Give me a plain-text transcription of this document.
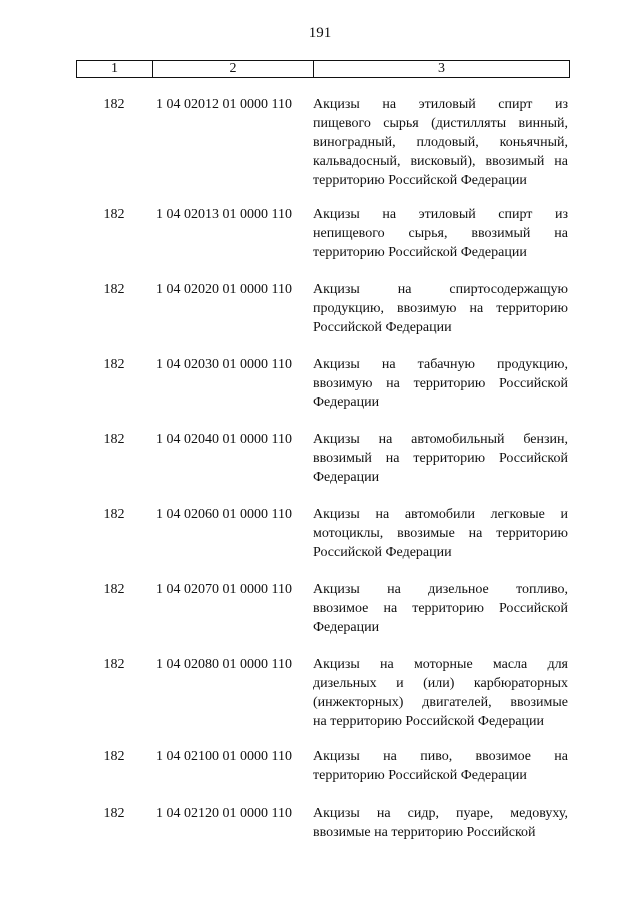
191
1	2	3
182	1 04 02012 01 0000 110	Акцизы на этиловый спирт из
пищевого сырья (дистилляты винный,
виноградный, плодовый, коньячный,
кальвадосный, висковый), ввозимый на
территорию Российской Федерации
182	1 04 02013 01 0000 110	Акцизы на этиловый спирт из
непищевого сырья, ввозимый на
территорию Российской Федерации
182	1 04 02020 01 0000 110	Акцизы на спиртосодержащую
продукцию, ввозимую на территорию
Российской Федерации
182	1 04 02030 01 0000 110	Акцизы на табачную продукцию,
ввозимую на территорию Российской
Федерации
182	1 04 02040 01 0000 110	Акцизы на автомобильный бензин,
ввозимый на территорию Российской
Федерации
182	1 04 02060 01 0000 110	Акцизы на автомобили легковые и
мотоциклы, ввозимые на территорию
Российской Федерации
182	1 04 02070 01 0000 110	Акцизы на дизельное топливо,
ввозимое на территорию Российской
Федерации
182	1 04 02080 01 0000 110	Акцизы на моторные масла для
дизельных и (или) карбюраторных
(инжекторных) двигателей, ввозимые
на территорию Российской Федерации
182	1 04 02100 01 0000 110	Акцизы на пиво, ввозимое на
территорию Российской Федерации
182	1 04 02120 01 0000 110	Акцизы на сидр, пуаре, медовуху,
ввозимые на территорию Российской
